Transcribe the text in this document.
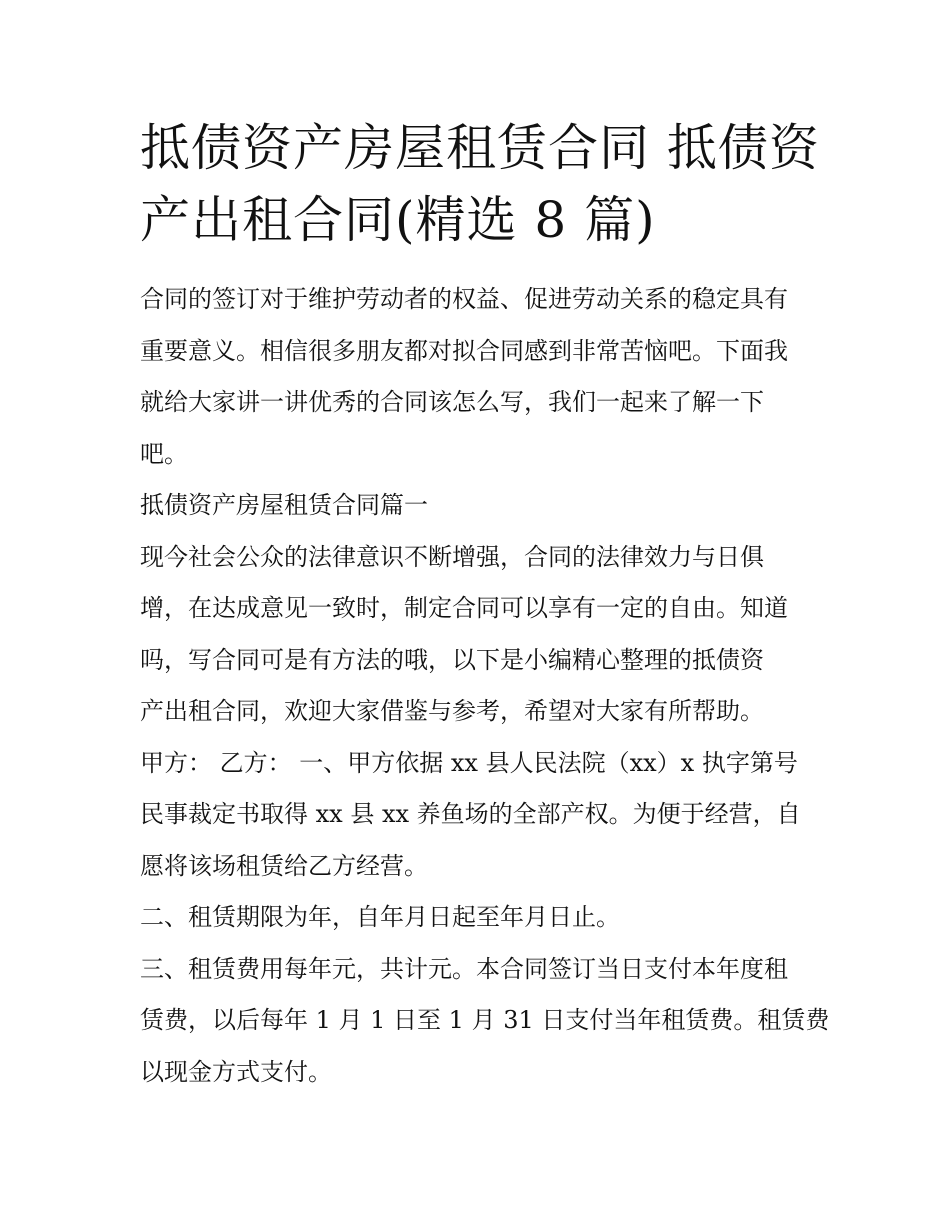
抵债资产房屋租赁合同 抵债资
产出租合同(精选 8 篇)
合同的签订对于维护劳动者的权益、促进劳动关系的稳定具有
重要意义。相信很多朋友都对拟合同感到非常苦恼吧。下面我
就给大家讲一讲优秀的合同该怎么写，我们一起来了解一下
吧。
抵债资产房屋租赁合同篇一
现今社会公众的法律意识不断增强，合同的法律效力与日俱
增，在达成意见一致时，制定合同可以享有一定的自由。知道
吗，写合同可是有方法的哦，以下是小编精心整理的抵债资
产出租合同，欢迎大家借鉴与参考，希望对大家有所帮助。
甲方： 乙方： 一、甲方依据 xx 县人民法院（xx）x 执字第号
民事裁定书取得 xx 县 xx 养鱼场的全部产权。为便于经营，自
愿将该场租赁给乙方经营。
二、租赁期限为年，自年月日起至年月日止。
三、租赁费用每年元，共计元。本合同签订当日支付本年度租
赁费，以后每年 1 月 1 日至 1 月 31 日支付当年租赁费。租赁费
以现金方式支付。
